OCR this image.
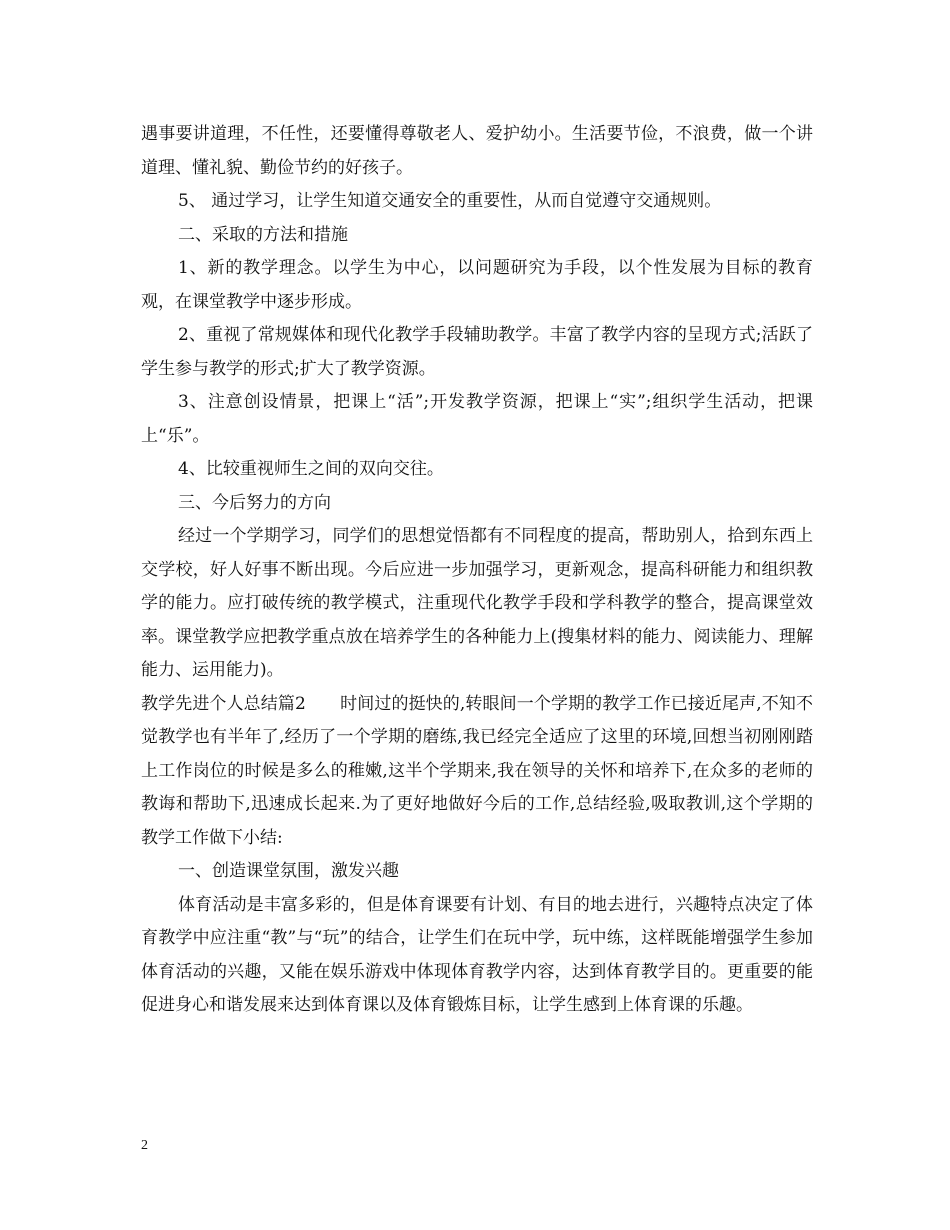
遇事要讲道理，不任性，还要懂得尊敬老人、爱护幼小。生活要节俭，不浪费，做一个讲道理、懂礼貌、勤俭节约的好孩子。

5、 通过学习，让学生知道交通安全的重要性，从而自觉遵守交通规则。

二、采取的方法和措施

1、新的教学理念。以学生为中心，以问题研究为手段，以个性发展为目标的教育观，在课堂教学中逐步形成。

2、重视了常规媒体和现代化教学手段辅助教学。丰富了教学内容的呈现方式;活跃了学生参与教学的形式;扩大了教学资源。

3、注意创设情景，把课上“活”;开发教学资源，把课上“实”;组织学生活动，把课上“乐”。

4、比较重视师生之间的双向交往。

三、今后努力的方向

经过一个学期学习，同学们的思想觉悟都有不同程度的提高，帮助别人，拾到东西上交学校，好人好事不断出现。今后应进一步加强学习，更新观念，提高科研能力和组织教学的能力。应打破传统的教学模式，注重现代化教学手段和学科教学的整合，提高课堂效率。课堂教学应把教学重点放在培养学生的各种能力上(搜集材料的能力、阅读能力、理解能力、运用能力)。

教学先进个人总结篇2　　时间过的挺快的,转眼间一个学期的教学工作已接近尾声,不知不觉教学也有半年了,经历了一个学期的磨练,我已经完全适应了这里的环境,回想当初刚刚踏上工作岗位的时候是多么的稚嫩,这半个学期来,我在领导的关怀和培养下,在众多的老师的教诲和帮助下,迅速成长起来.为了更好地做好今后的工作,总结经验,吸取教训,这个学期的教学工作做下小结:

一、创造课堂氛围，激发兴趣

体育活动是丰富多彩的，但是体育课要有计划、有目的地去进行，兴趣特点决定了体育教学中应注重“教”与“玩”的结合，让学生们在玩中学，玩中练，这样既能增强学生参加体育活动的兴趣，又能在娱乐游戏中体现体育教学内容，达到体育教学目的。更重要的能促进身心和谐发展来达到体育课以及体育锻炼目标，让学生感到上体育课的乐趣。

2
